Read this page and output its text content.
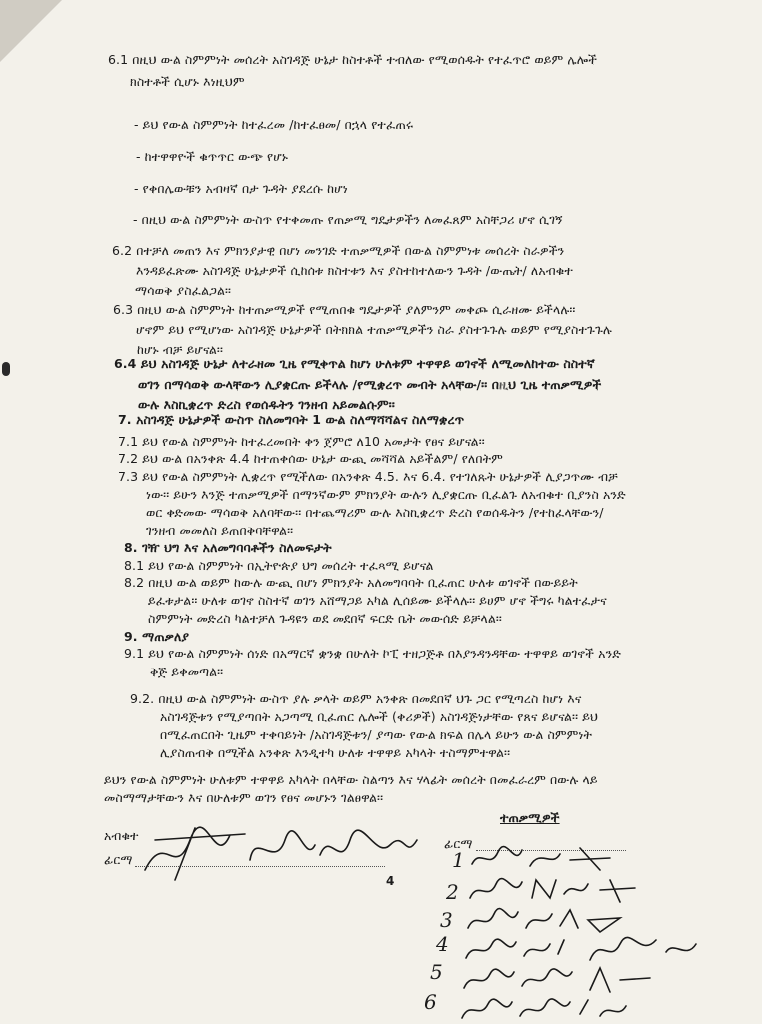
6.1 በዚህ ውል ስምምነት መሰረት አስገዳጅ ሁኔታ ከስተቶች ተብለው የሚወሰዱት የተፈጥሮ ወይም ሌሎች
ክስተቶች ሲሆኑ እነዚህም
- ይህ የውል ስምምነት ከተፈረመ /ከተፈፀመ/ በኋላ የተፈጠሩ
- ከተዋዋዮች ቁጥጥር ውጭ የሆኑ
- የቀበሌውቹን አብዛኛ በታ ጉዳት ያደረሱ ከሆነ
- በዚህ ውል ስምምነት ውስጥ የተቀመጡ የጠቃሚ ግዴታዎችን ለመፈጸም አስቸጋሪ ሆኖ ሲገኝ
6.2 በተቻለ መጠን እና ምክንያታዊ በሆነ መንገድ ተጠቃሚዎች በውል ስምምነቱ መሰረት ስራዎችን
እንዳይፈጽሙ አስገዳጅ ሁኔታዎች ሲከሰቱ ክስተቱን እና ያስተከተለውን ጉዳት /ውጤት/ ለአብቁተ
ማሳወቅ ያስፈልጋል፡፡
6.3 በዚህ ውል ስምምነት ከተጠቃሚዎች የሚጠበቁ ግዴታዎች ያለምንም መቀጮ ሲራዘሙ ይችላሉ፡፡
ሆኖም ይህ የሚሆነው አስገዳጅ ሁኔታዎች በትክክል ተጠቃሚዎችን ስራ ያስተጉጉሉ ወይም የሚያስተጉጉሉ
ከሆኑ ብቻ ይሆናል፡፡
6.4 ይህ አስገዳጅ ሁኔታ ለተራዘመ ጊዜ የሚቀጥል ከሆነ ሁለቱም ተዋዋይ ወገኖች ለሚመለከተው ስስተኛ
ወገን በማሳወቅ ውላቸውን ሊያቋርጡ ይችላሉ /የሚቋረጥ መብት አላቸው/፡፡ በዚህ ጊዜ ተጠቃሚዎች
ውሉ እስኪቋረጥ ድረስ የወሰዱትን ገንዘብ አይመልሱም፡፡
7. አስገዳጅ ሁኔታዎች ውስጥ ስለመግባት 1 ውል ስለማሻሻልና ስለማቋረጥ
7.1 ይህ የውል ስምምነት ከተፈረመበት ቀን ጀምሮ ለ10 አመታት የፀና ይሆናል፡፡
7.2 ይህ ውል በአንቀጽ 4.4 ከተጠቀሰው ሁኔታ ውጪ መሻሻል አይችልም/ የለበትም
7.3 ይህ የውል ስምምነት ሊቋረጥ የሚችለው በአንቀጽ 4.5. እና 6.4. የተገለጹት ሁኔታዎች ሊያጋጥሙ ብቻ
ነው፡፡ ይሁን እንጅ ተጠቃሚዎች በማንኛውም ምክንያት ውሉን ሊያቋርጡ ቢፈልጉ ለአብቁተ ቢያንስ አንድ
ወር ቀድመው ማሳወቅ አለባቸው፡፡ በተጨማሪም ውሉ እስኪቋረጥ ድረስ የወሰዱትን /የተከፈላቸውን/
ገንዘብ መመለስ ይጠበቅባቸዋል፡፡
8. ገዥ ህግ እና አለመግባባቶችን ስለመፍታት
8.1 ይህ የውል ስምምነት በኢትዮጵያ ህግ መሰረት ተፈጻሚ ይሆናል
8.2 በዚህ ውል ወይም ከውሉ ውጪ በሆነ ምክንያት አለመግባባት ቢፈጠር ሁለቱ ወገኖች በውይይት
ይፈቱታል፡፡ ሁለቱ ወገኖ ስስተኛ ወገን አሸማጋይ አካል ሊሰይሙ ይችላሉ፡፡ ይሀም ሆኖ ችግሩ ካልተፈታና
ስምምነት መድረስ ካልተቻለ ጉዳዩን ወደ መደበኛ ፍርድ ቤት መውሰድ ይቻላል፡፡
9. ማጠቃለያ
9.1 ይህ የውል ስምምነት ሰነድ በአማርኛ ቋንቋ በሁለት ኮፒ ተዘጋጅቶ በእያንዳንዳቸው ተዋዋይ ወገኖች አንድ
ቅጅ ይቀመጣል፡፡
9.2. በዚህ ውል ስምምነት ውስጥ ያሉ ቃላት ወይም አንቀጽ በመደበኛ ህጉ ጋር የሚጣረስ ከሆነ እና
አስገዳጅቱን የሚያጣበት አጋጣሚ ቢፈጠር ሌሎች (ቀሪዎች) አስገዳጅነታቸው የጸና ይሆናል፡፡ ይህ
በሚፈጠርበት ጊዜም ተቀባይነት /አስገዳጅቱን/ ያጣው የውል ክፍል በሌላ ይሁን ውል ስምምነት
ሊያስጠብቅ በሚችል አንቀጽ እንዲተካ ሁለቱ ተዋዋይ አካላት ተስማምተዋል፡፡
ይህን የውል ስምምነት ሁለቱም ተዋዋይ አካላት በላቸው ስልጣን እና ሃላፊት መሰረት በመፈራረም በውሉ ላይ
መስማማታቸውን እና በሁለቱም ወገን የፀና መሆኑን ገልፀዋል፡፡
አብቁተ
ፊርማ
4
ተጠቃሚዎች
ፊርማ
1
2
3
4
5
6
